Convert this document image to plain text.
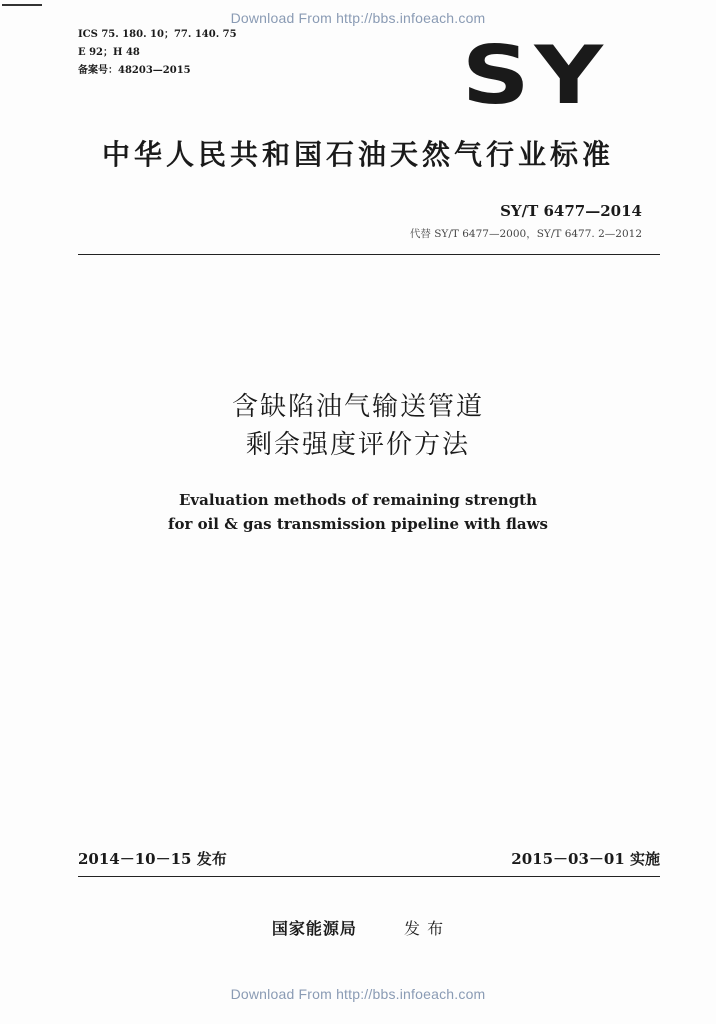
Download From http://bbs.infoeach.com
ICS 75. 180. 10；77. 140. 75
E 92；H 48
备案号：48203—2015	SY
中华人民共和国石油天然气行业标准
SY/T 6477—2014
代替 SY/T 6477—2000，SY/T 6477. 2—2012
含缺陷油气输送管道
剩余强度评价方法
Evaluation methods of remaining strength
for oil & gas transmission pipeline with flaws
2014－10－15 发布	2015－03－01 实施
国家能源局	发 布
Download From http://bbs.infoeach.com
